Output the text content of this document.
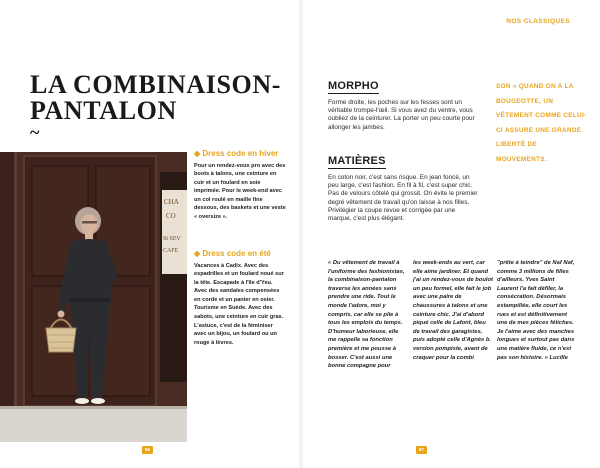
NOS CLASSIQUES
LA COMBINAISON-
PANTALON
~
CHA
CO
St SEV
CAFE
◆ Dress code en hiver

Pour un rendez-vous pro avec des boots à talons, une ceinture en cuir et un foulard en soie imprimée. Pour le week-end avec un col roulé en maille fine dessous, des baskets et une veste « oversize ».

◆ Dress code en été

Vacances à Cadix. Avec des espadrilles et un foulard noué sur la tête. Escapade à l'île d'Yeu. Avec des sandales compensées en corde et un panier en osier. Tourisme en Suède. Avec des sabots, une ceinture en cuir gras. L'astuce, c'est de la féminiser avec un bijou, un foulard ou un rouge à lèvres.

66
MORPHO
Forme droite, les poches sur les fesses sont un véritable trompe-l'œil. Si vous avez du ventre, vous oubliez de la ceinturer. La porter un peu courte pour allonger les jambes.
MATIÈRES
En coton noir, c'est sans risque. En jean foncé, un peu large, c'est fashion. En fil à fil, c'est super chic. Pas de velours côtelé qui grossit. On évite le premier degré vêtement de travail qu'on laisse à nos filles. Privilégier la coupe revue et corrigée par une marque, c'est plus élégant.
SON « QUAND ON A LA BOUGEOTTE, UN VÊTEMENT COMME CELUI- CI ASSURE UNE GRANDE LIBERTÉ DE MOUVEMENTS.
« Du vêtement de travail à l'uniforme des fashionistas, la combinaison-pantalon traverse les années sans prendre une ride. Tout le monde l'adore, moi y compris, car elle se plie à tous les emplois du temps. D'humeur laborieuse, elle me rappelle sa fonction première et me pousse à bosser. C'est aussi une bonne compagne pour
les week-ends au vert, car elle aime jardiner. Et quand j'ai un rendez-vous de boulot un peu formel, elle fait le job avec une paire de chaussures à talons et une ceinture chic. J'ai d'abord piqué celle de Lafont, bleu de travail des garagistes, puis adopté celle d'Agnès b. version pompiste, avant de craquer pour la combi
"prête à teindre" de Naf Naf, comme 3 millions de filles d'ailleurs. Yves Saint Laurent l'a fait défiler, la consécration. Désormais estampillée, elle court les rues et est définitivement une de mes pièces fétiches. Je l'aime avec des manches longues et surtout pas dans une matière fluide, ce n'est pas son histoire. » Lucille
67
